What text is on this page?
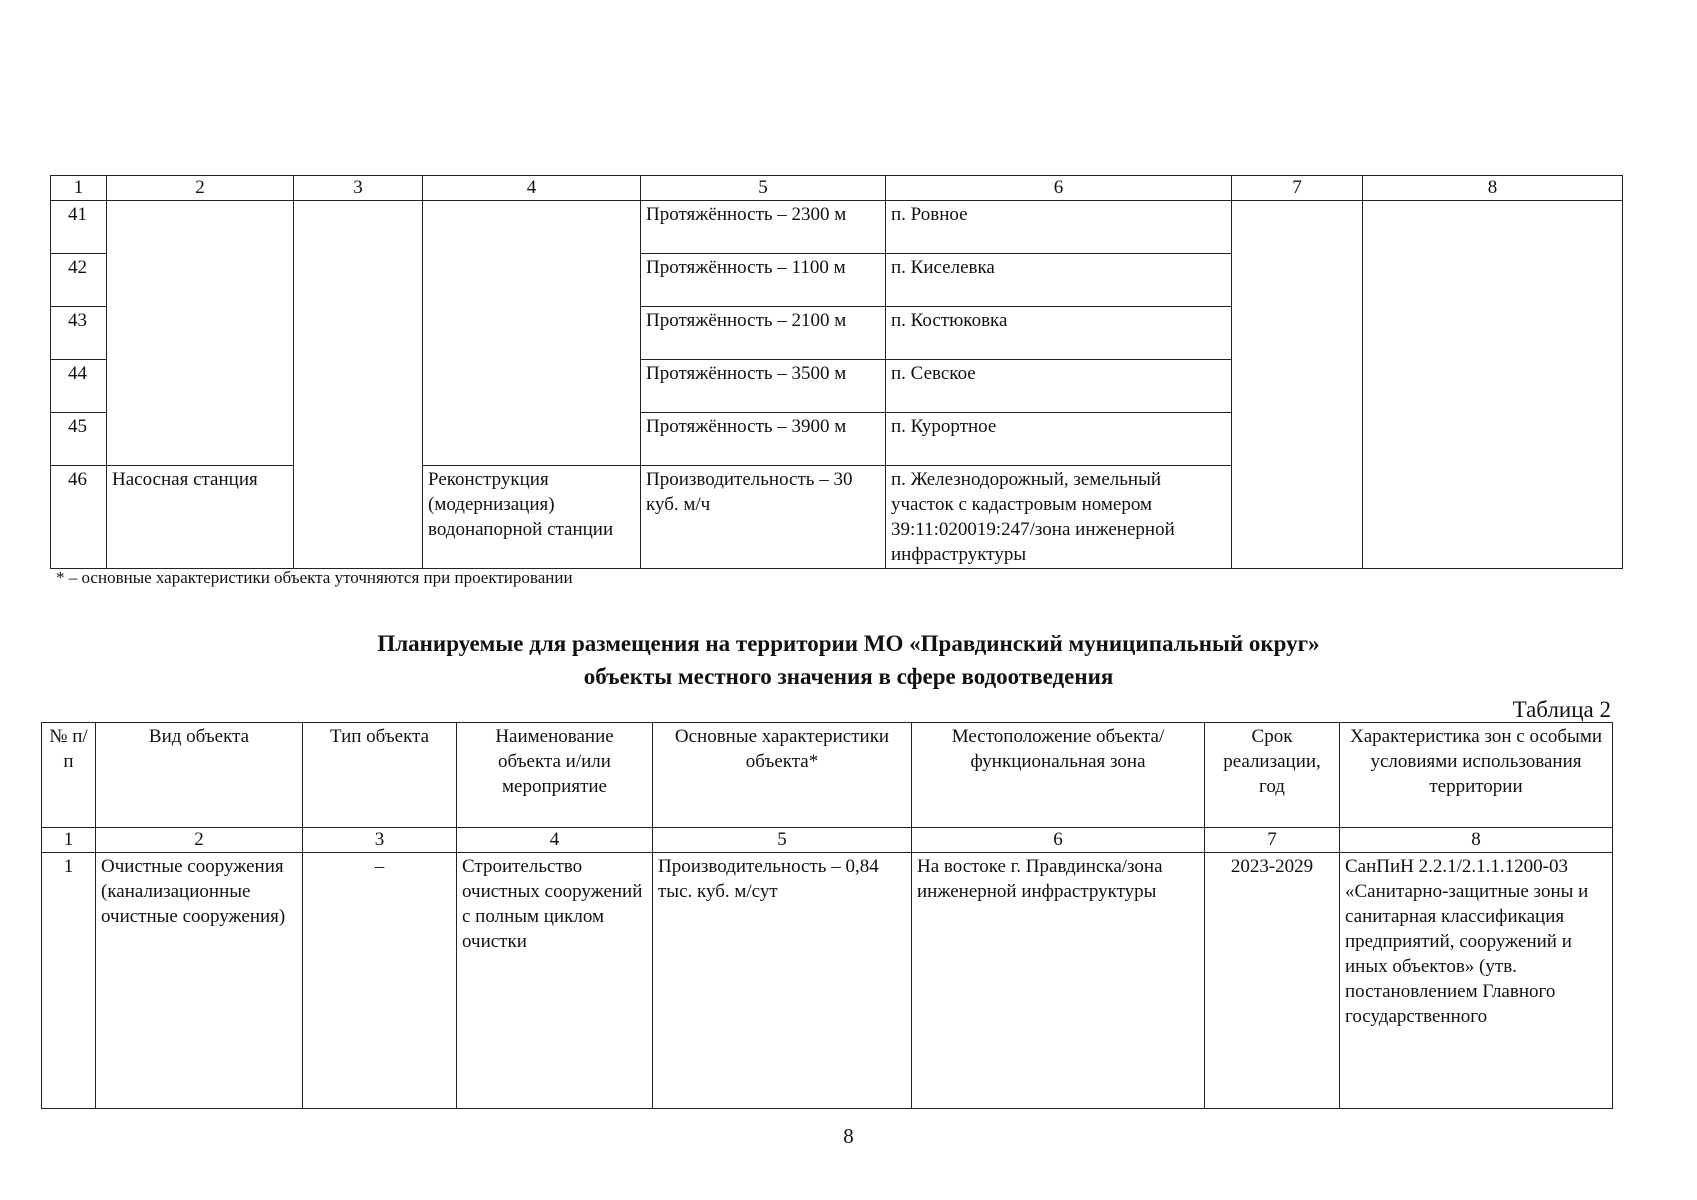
1	2	3	4	5	6	7	8
41				Протяжённость – 2300 м	п. Ровное		
42				Протяжённость – 1100 м	п. Киселевка		
43				Протяжённость – 2100 м	п. Костюковка		
44				Протяжённость – 3500 м	п. Севское		
45				Протяжённость – 3900 м	п. Курортное		
46	Насосная станция		Реконструкция (модернизация) водонапорной станции	Производительность – 30 куб. м/ч	п. Железнодорожный, земельный участок с кадастровым номером 39:11:020019:247/зона инженерной инфраструктуры		
* – основные характеристики объекта уточняются при проектировании
Планируемые для размещения на территории МО «Правдинский муниципальный округ»
объекты местного значения в сфере водоотведения
Таблица 2
№ п/п	Вид объекта	Тип объекта	Наименование объекта и/или мероприятие	Основные характеристики объекта*	Местоположение объекта/ функциональная зона	Срок реализации, год	Характеристика зон с особыми условиями использования территории
1	2	3	4	5	6	7	8
1	Очистные сооружения (канализационные очистные сооружения)	–	Строительство очистных сооружений с полным циклом очистки	Производительность – 0,84 тыс. куб. м/сут	На востоке г. Правдинска/зона инженерной инфраструктуры	2023-2029	СанПиН 2.2.1/2.1.1.1200-03 «Санитарно-защитные зоны и санитарная классификация предприятий, сооружений и иных объектов» (утв. постановлением Главного государственного
8
